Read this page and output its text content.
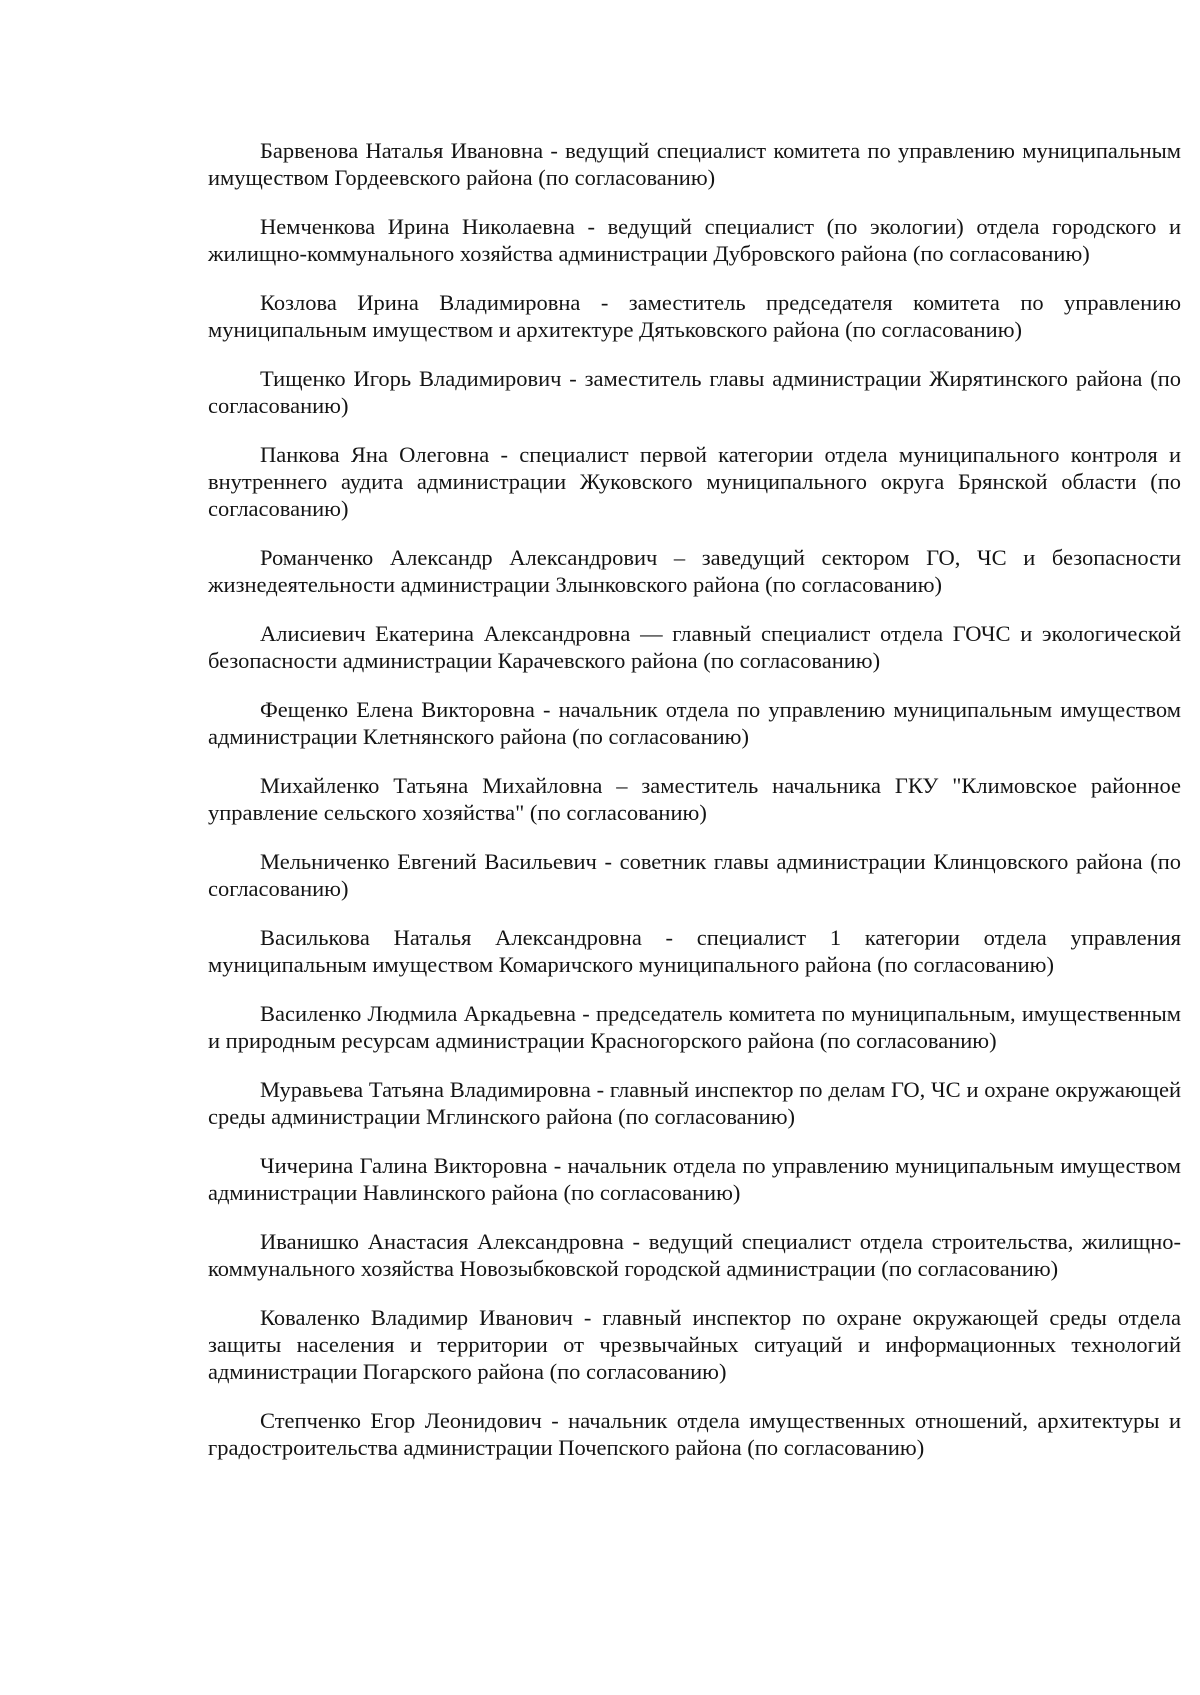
Барвенова Наталья Ивановна - ведущий специалист комитета по управлению муниципальным имуществом Гордеевского района (по согласованию)

Немченкова Ирина Николаевна - ведущий специалист (по экологии) отдела городского и жилищно-коммунального хозяйства администрации Дубровского района (по согласованию)

Козлова Ирина Владимировна - заместитель председателя комитета по управлению муниципальным имуществом и архитектуре Дятьковского района (по согласованию)

Тищенко Игорь Владимирович - заместитель главы администрации Жирятинского района (по согласованию)

Панкова Яна Олеговна - специалист первой категории отдела муниципального контроля и внутреннего аудита администрации Жуковского муниципального округа Брянской области (по согласованию)

Романченко Александр Александрович – заведущий сектором ГО, ЧС и безопасности жизнедеятельности администрации Злынковского района (по согласованию)

Алисиевич Екатерина Александровна — главный специалист отдела ГОЧС и экологической безопасности администрации Карачевского района (по согласованию)

Фещенко Елена Викторовна - начальник отдела по управлению муниципальным имуществом администрации Клетнянского района (по согласованию)

Михайленко Татьяна Михайловна – заместитель начальника ГКУ "Климовское районное управление сельского хозяйства" (по согласованию)

Мельниченко Евгений Васильевич - советник главы администрации Клинцовского района (по согласованию)

Василькова Наталья Александровна - специалист 1 категории отдела управления муниципальным имуществом Комаричского муниципального района (по согласованию)

Василенко Людмила Аркадьевна - председатель комитета по муниципальным, имущественным и природным ресурсам администрации Красногорского района (по согласованию)

Муравьева Татьяна Владимировна - главный инспектор по делам ГО, ЧС и охране окружающей среды администрации Мглинского района (по согласованию)

Чичерина Галина Викторовна - начальник отдела по управлению муниципальным имуществом администрации Навлинского района (по согласованию)

Иванишко Анастасия Александровна - ведущий специалист отдела строительства, жилищно-коммунального хозяйства Новозыбковской городской администрации (по согласованию)

Коваленко Владимир Иванович - главный инспектор по охране окружающей среды отдела защиты населения и территории от чрезвычайных ситуаций и информационных технологий администрации Погарского района (по согласованию)

Степченко Егор Леонидович - начальник отдела имущественных отношений, архитектуры и градостроительства администрации Почепского района (по согласованию)
